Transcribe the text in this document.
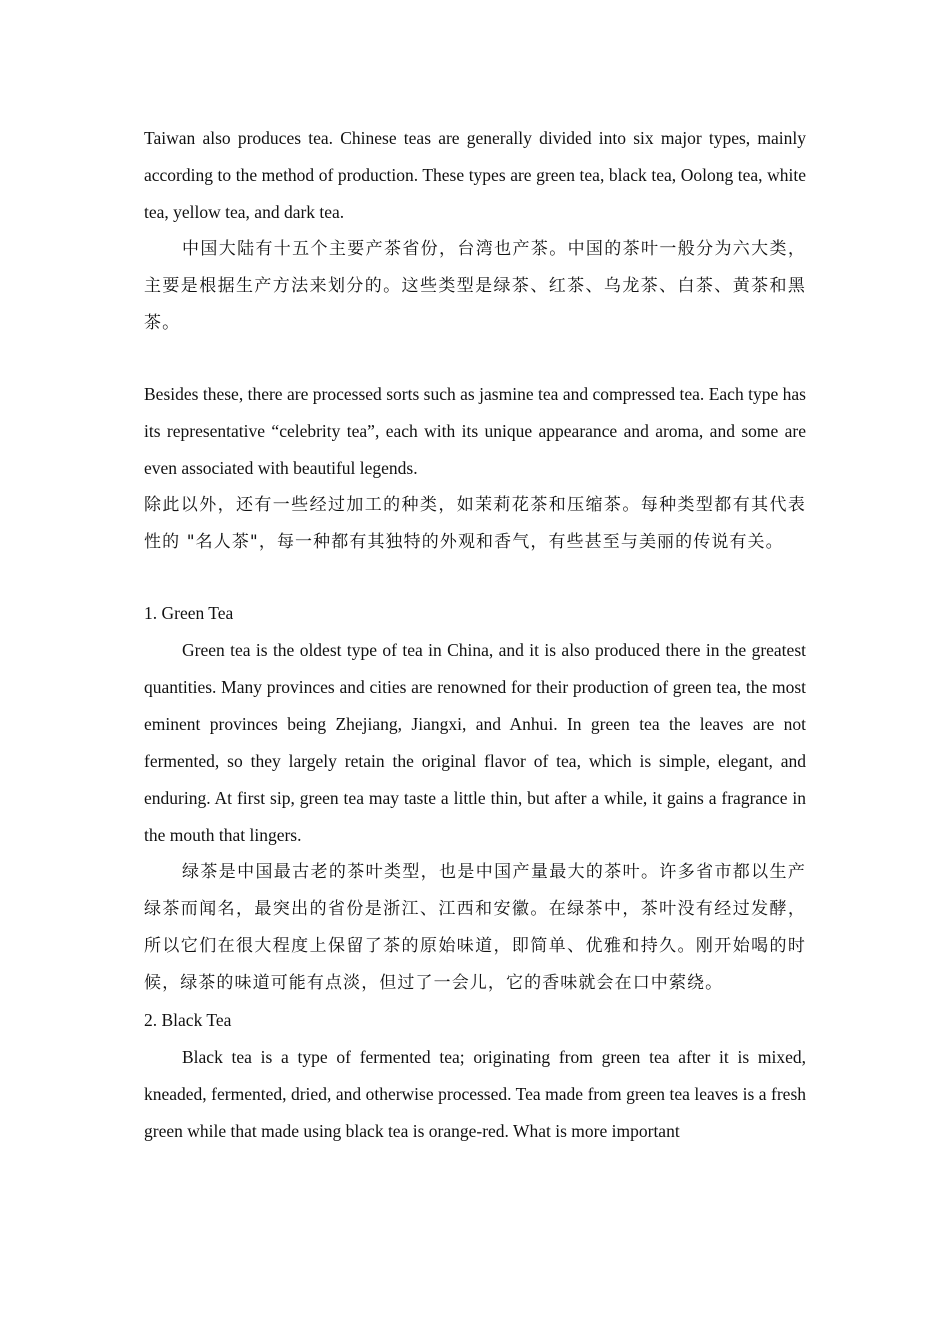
Taiwan also produces tea. Chinese teas are generally divided into six major types, mainly according to the method of production. These types are green tea, black tea, Oolong tea, white tea, yellow tea, and dark tea.

中国大陆有十五个主要产茶省份，台湾也产茶。中国的茶叶一般分为六大类，主要是根据生产方法来划分的。这些类型是绿茶、红茶、乌龙茶、白茶、黄茶和黑茶。

Besides these, there are processed sorts such as jasmine tea and compressed tea. Each type has its representative “celebrity tea”, each with its unique appearance and aroma, and some are even associated with beautiful legends.

除此以外，还有一些经过加工的种类，如茉莉花茶和压缩茶。每种类型都有其代表性的 "名人茶"，每一种都有其独特的外观和香气，有些甚至与美丽的传说有关。

1. Green Tea

Green tea is the oldest type of tea in China, and it is also produced there in the greatest quantities. Many provinces and cities are renowned for their production of green tea, the most eminent provinces being Zhejiang, Jiangxi, and Anhui. In green tea the leaves are not fermented, so they largely retain the original flavor of tea, which is simple, elegant, and enduring. At first sip, green tea may taste a little thin, but after a while, it gains a fragrance in the mouth that lingers.

绿茶是中国最古老的茶叶类型，也是中国产量最大的茶叶。许多省市都以生产绿茶而闻名，最突出的省份是浙江、江西和安徽。在绿茶中，茶叶没有经过发酵，所以它们在很大程度上保留了茶的原始味道，即简单、优雅和持久。刚开始喝的时候，绿茶的味道可能有点淡，但过了一会儿，它的香味就会在口中萦绕。

2. Black Tea

Black tea is a type of fermented tea; originating from green tea after it is mixed, kneaded, fermented, dried, and otherwise processed. Tea made from green tea leaves is a fresh green while that made using black tea is orange-red. What is more important
